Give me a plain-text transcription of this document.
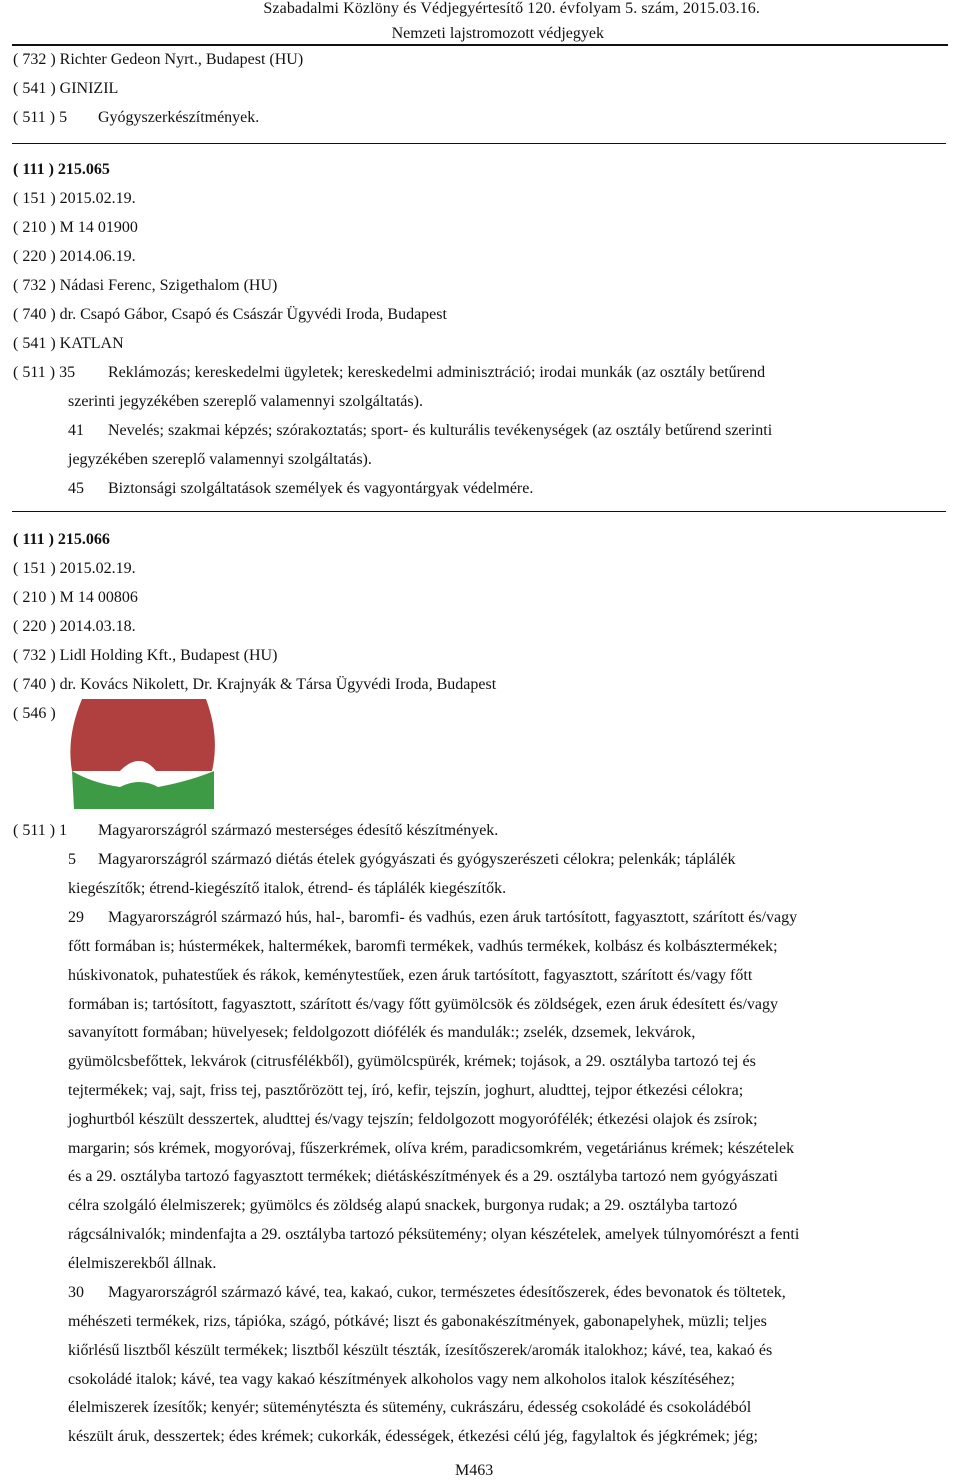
Szabadalmi Közlöny és Védjegyértesítő 120. évfolyam 5. szám, 2015.03.16.
Nemzeti lajstromozott védjegyek
( 732 ) Richter Gedeon Nyrt., Budapest (HU)
( 541 ) GINIZIL
( 511 ) 5 Gyógyszerkészítmények.
( 111 ) 215.065
( 151 ) 2015.02.19.
( 210 ) M 14 01900
( 220 ) 2014.06.19.
( 732 ) Nádasi Ferenc, Szigethalom (HU)
( 740 ) dr. Csapó Gábor, Csapó és Császár Ügyvédi Iroda, Budapest
( 541 ) KATLAN
( 511 ) 35 Reklámozás; kereskedelmi ügyletek; kereskedelmi adminisztráció; irodai munkák (az osztály betűrend
szerinti jegyzékében szereplő valamennyi szolgáltatás).
41 Nevelés; szakmai képzés; szórakoztatás; sport- és kulturális tevékenységek (az osztály betűrend szerinti
jegyzékében szereplő valamennyi szolgáltatás).
45 Biztonsági szolgáltatások személyek és vagyontárgyak védelmére.
( 111 ) 215.066
( 151 ) 2015.02.19.
( 210 ) M 14 00806
( 220 ) 2014.03.18.
( 732 ) Lidl Holding Kft., Budapest (HU)
( 740 ) dr. Kovács Nikolett, Dr. Krajnyák & Társa Ügyvédi Iroda, Budapest
( 546 )
( 511 ) 1 Magyarországról származó mesterséges édesítő készítmények.
5 Magyarországról származó diétás ételek gyógyászati és gyógyszerészeti célokra; pelenkák; táplálék
kiegészítők; étrend-kiegészítő italok, étrend- és táplálék kiegészítők.
29 Magyarországról származó hús, hal-, baromfi- és vadhús, ezen áruk tartósított, fagyasztott, szárított és/vagy
főtt formában is; hústermékek, haltermékek, baromfi termékek, vadhús termékek, kolbász és kolbásztermékek;
húskivonatok, puhatestűek és rákok, keménytestűek, ezen áruk tartósított, fagyasztott, szárított és/vagy főtt
formában is; tartósított, fagyasztott, szárított és/vagy főtt gyümölcsök és zöldségek, ezen áruk édesített és/vagy
savanyított formában; hüvelyesek; feldolgozott diófélék és mandulák:; zselék, dzsemek, lekvárok,
gyümölcsbefőttek, lekvárok (citrusfélékből), gyümölcspürék, krémek; tojások, a 29. osztályba tartozó tej és
tejtermékek; vaj, sajt, friss tej, pasztőrözött tej, író, kefir, tejszín, joghurt, aludttej, tejpor étkezési célokra;
joghurtból készült desszertek, aludttej és/vagy tejszín; feldolgozott mogyorófélék; étkezési olajok és zsírok;
margarin; sós krémek, mogyoróvaj, fűszerkrémek, olíva krém, paradicsomkrém, vegetáriánus krémek; készételek
és a 29. osztályba tartozó fagyasztott termékek; diétáskészítmények és a 29. osztályba tartozó nem gyógyászati
célra szolgáló élelmiszerek; gyümölcs és zöldség alapú snackek, burgonya rudak; a 29. osztályba tartozó
rágcsálnivalók; mindenfajta a 29. osztályba tartozó péksütemény; olyan készételek, amelyek túlnyomórészt a fenti
élelmiszerekből állnak.
30 Magyarországról származó kávé, tea, kakaó, cukor, természetes édesítőszerek, édes bevonatok és töltetek,
méhészeti termékek, rizs, tápióka, szágó, pótkávé; liszt és gabonakészítmények, gabonapelyhek, müzli; teljes
kiőrlésű lisztből készült termékek; lisztből készült tészták, ízesítőszerek/aromák italokhoz; kávé, tea, kakaó és
csokoládé italok; kávé, tea vagy kakaó készítmények alkoholos vagy nem alkoholos italok készítéséhez;
élelmiszerek ízesítők; kenyér; süteménytészta és sütemény, cukrászáru, édesség csokoládé és csokoládéból
készült áruk, desszertek; édes krémek; cukorkák, édességek, étkezési célú jég, fagylaltok és jégkrémek; jég;
M463
